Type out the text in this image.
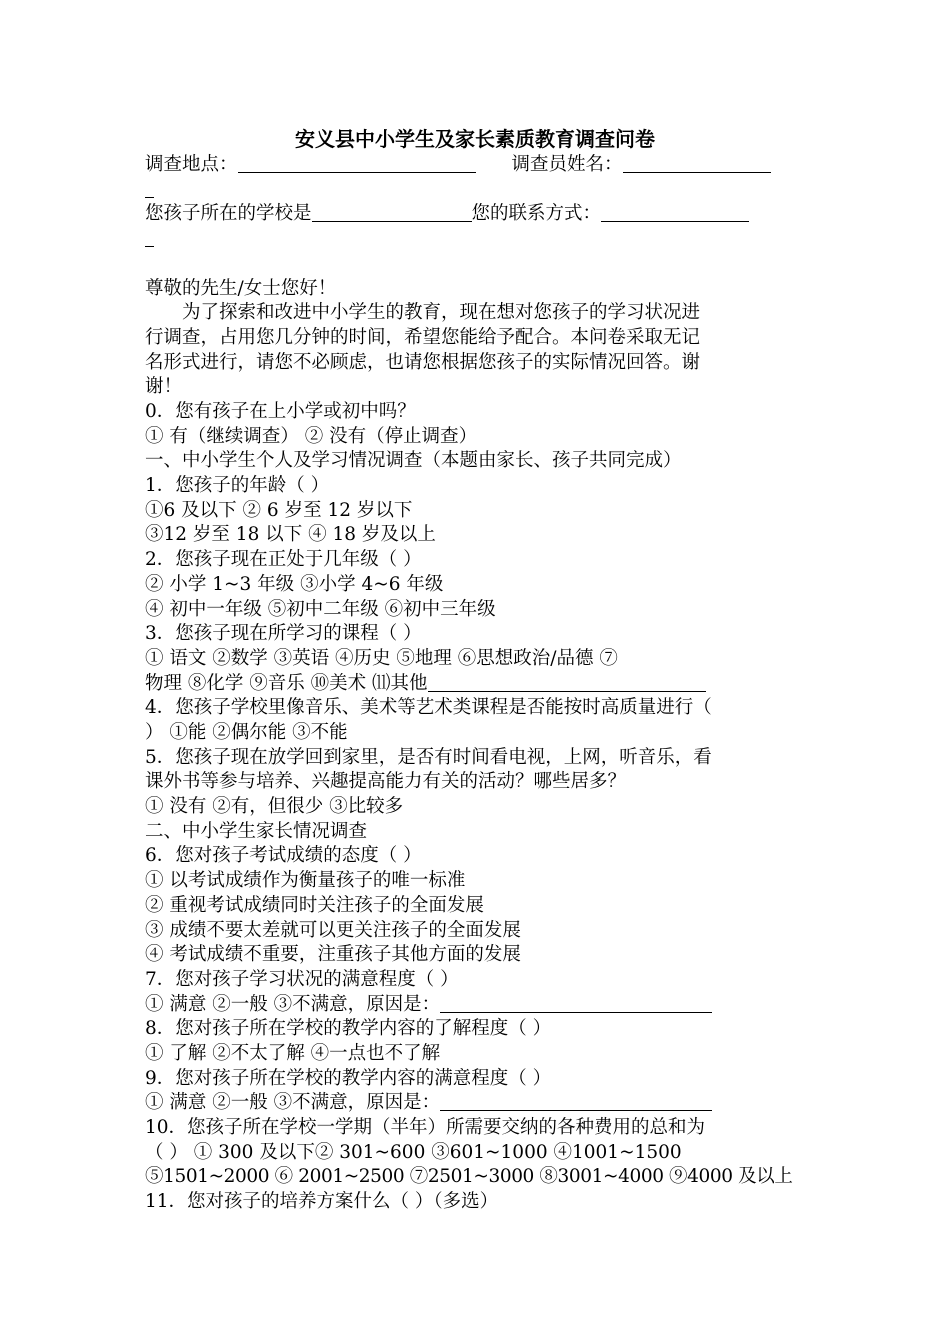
安义县中小学生及家长素质教育调查问卷
调查地点：	调查员姓名：
您孩子所在的学校是	您的联系方式：
尊敬的先生/女士您好！
为了探索和改进中小学生的教育，现在想对您孩子的学习状况进
行调查，占用您几分钟的时间，希望您能给予配合。本问卷采取无记
名形式进行，请您不必顾虑，也请您根据您孩子的实际情况回答。谢
谢！
0．您有孩子在上小学或初中吗？
① 有（继续调查） ② 没有（停止调查）
一、中小学生个人及学习情况调查（本题由家长、孩子共同完成）
1．您孩子的年龄（ ）
①6 及以下 ② 6 岁至 12 岁以下
③12 岁至 18 以下 ④ 18 岁及以上
2．您孩子现在正处于几年级（ ）
② 小学 1~3 年级 ③小学 4~6 年级
④ 初中一年级 ⑤初中二年级 ⑥初中三年级
3．您孩子现在所学习的课程（ ）
① 语文 ②数学 ③英语 ④历史 ⑤地理 ⑥思想政治/品德 ⑦
物理 ⑧化学 ⑨音乐 ⑩美术 ⑾其他
4．您孩子学校里像音乐、美术等艺术类课程是否能按时高质量进行（
） ①能 ②偶尔能 ③不能
5．您孩子现在放学回到家里，是否有时间看电视，上网，听音乐，看
课外书等参与培养、兴趣提高能力有关的活动？哪些居多？
① 没有 ②有，但很少 ③比较多
二、中小学生家长情况调查
6．您对孩子考试成绩的态度（ ）
① 以考试成绩作为衡量孩子的唯一标准
② 重视考试成绩同时关注孩子的全面发展
③ 成绩不要太差就可以更关注孩子的全面发展
④ 考试成绩不重要，注重孩子其他方面的发展
7．您对孩子学习状况的满意程度（ ）
① 满意 ②一般 ③不满意，原因是：
8．您对孩子所在学校的教学内容的了解程度（ ）
① 了解 ②不太了解 ④一点也不了解
9．您对孩子所在学校的教学内容的满意程度（ ）
① 满意 ②一般 ③不满意，原因是：
10．您孩子所在学校一学期（半年）所需要交纳的各种费用的总和为
（ ） ① 300 及以下② 301~600 ③601~1000 ④1001~1500
⑤1501~2000 ⑥ 2001~2500 ⑦2501~3000 ⑧3001~4000 ⑨4000 及以上
11．您对孩子的培养方案什么（ ）（多选）
